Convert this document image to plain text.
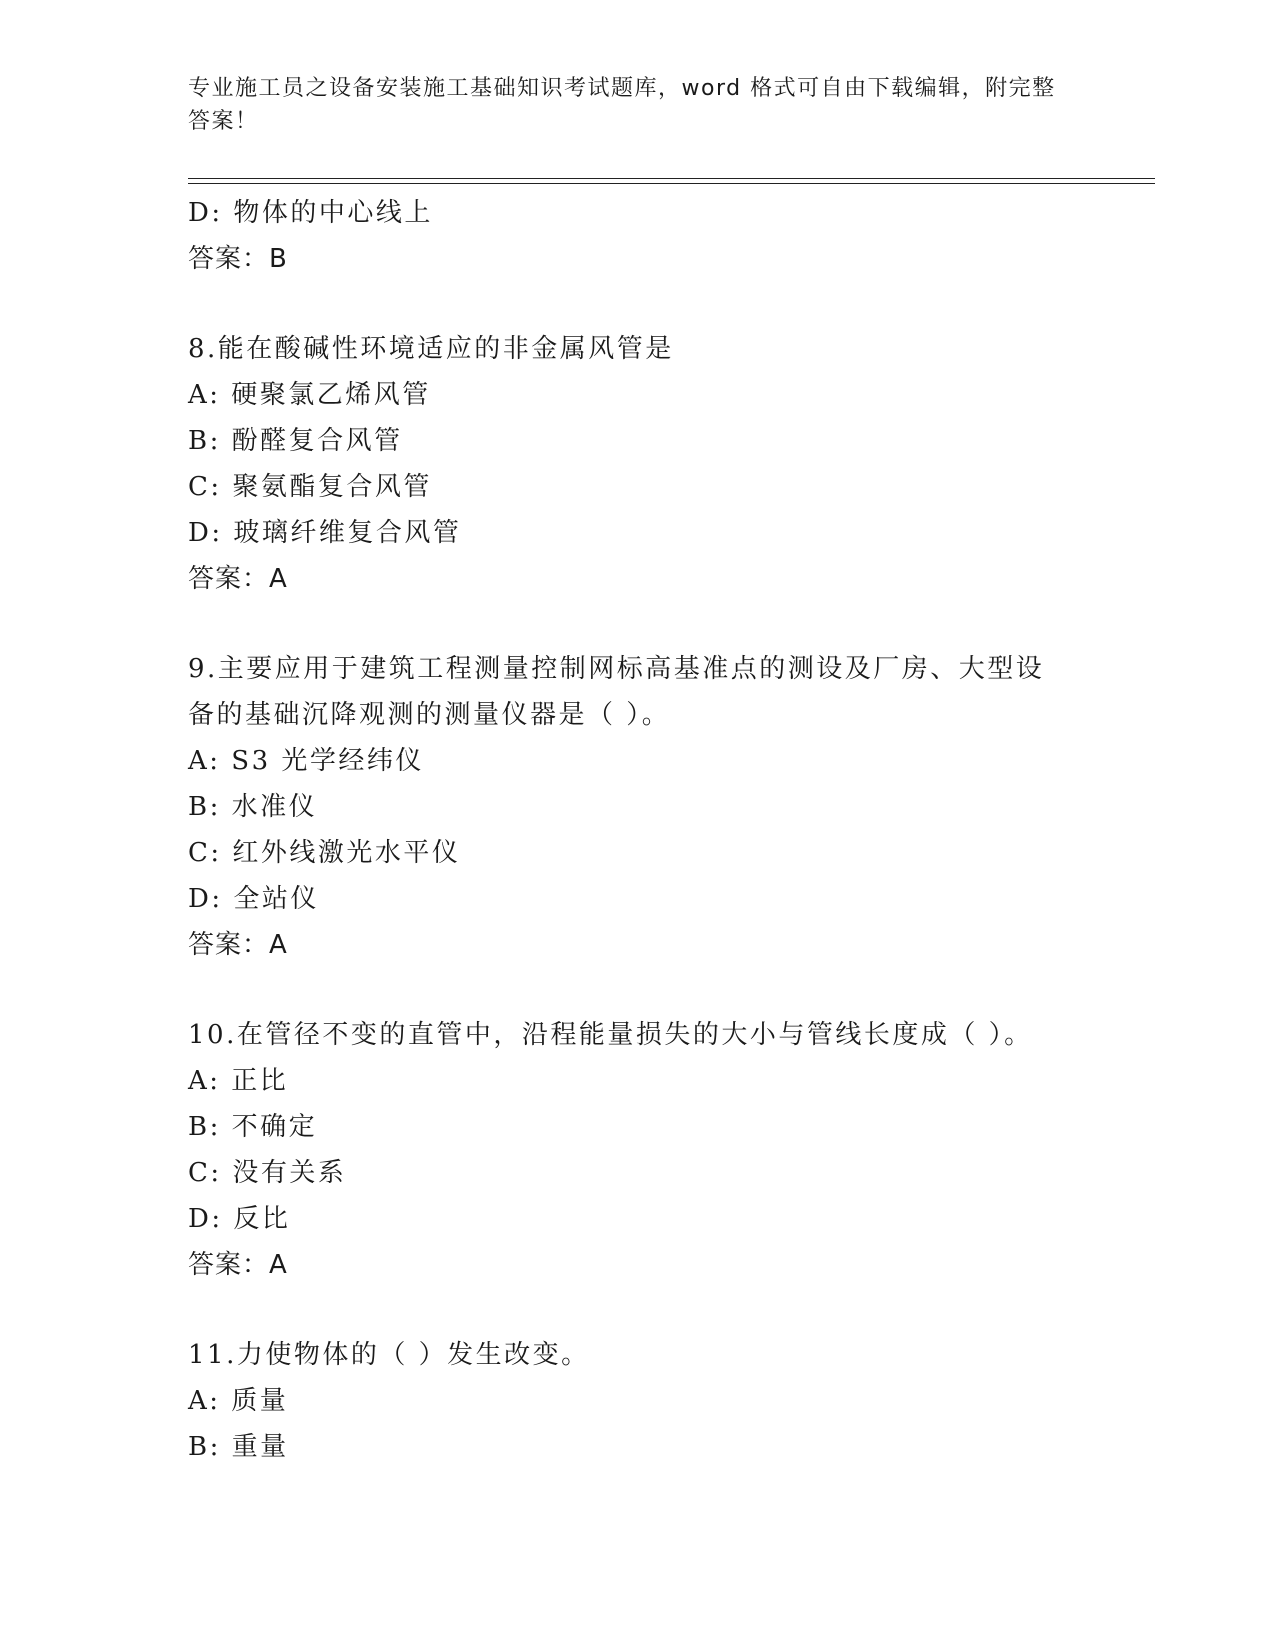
专业施工员之设备安装施工基础知识考试题库，word 格式可自由下载编辑，附完整答案！
D: 物体的中心线上
答案：B
8.能在酸碱性环境适应的非金属风管是
A: 硬聚氯乙烯风管
B: 酚醛复合风管
C: 聚氨酯复合风管
D: 玻璃纤维复合风管
答案：A
9.主要应用于建筑工程测量控制网标高基准点的测设及厂房、大型设备的基础沉降观测的测量仪器是（ ）。
A: S3 光学经纬仪
B: 水准仪
C: 红外线激光水平仪
D: 全站仪
答案：A
10.在管径不变的直管中，沿程能量损失的大小与管线长度成（ ）。
A: 正比
B: 不确定
C: 没有关系
D: 反比
答案：A
11.力使物体的（ ）发生改变。
A: 质量
B: 重量
